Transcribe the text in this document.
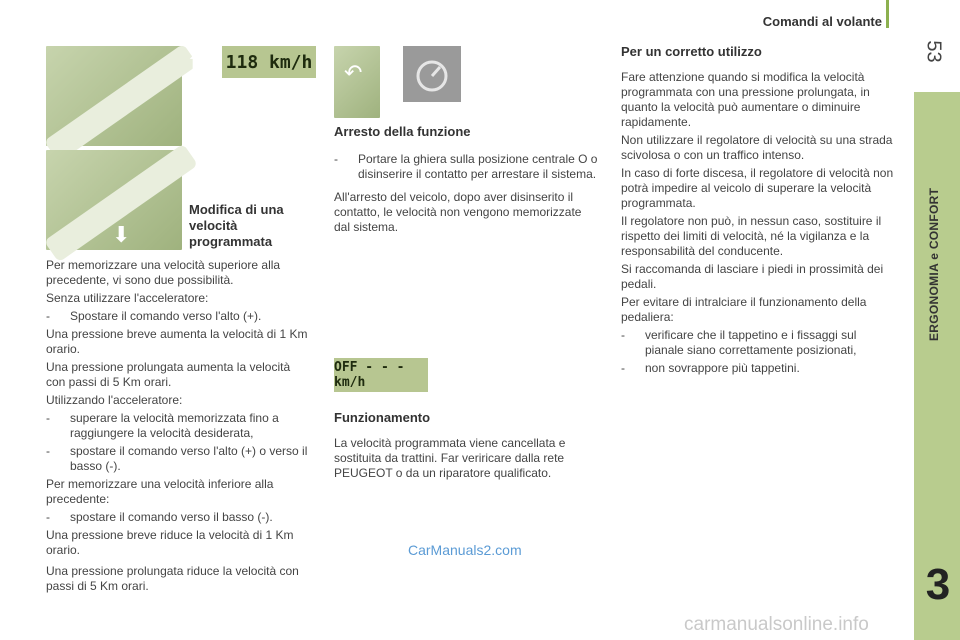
Comandi al volante
53
ERGONOMIA e CONFORT
3
⬆ 118 km/h
⬇
↶
OFF - - - km/h
Modifica di una velocità programmata

Per memorizzare una velocità superiore alla precedente, vi sono due possibilità.

Senza utilizzare l'acceleratore:

-	Spostare il comando verso l'alto (+).

Una pressione breve aumenta la velocità di 1 Km orario.

Una pressione prolungata aumenta la velocità con passi di 5 Km orari.

Utilizzando l'acceleratore:

-	superare la velocità memorizzata fino a raggiungere la velocità desiderata,
-	spostare il comando verso l'alto (+) o verso il basso (-).

Per memorizzare una velocità inferiore alla precedente:

-	spostare il comando verso il basso (-).

Una pressione breve riduce la velocità di 1 Km orario.

Una pressione prolungata riduce la velocità con passi di 5 Km orari.

Arresto della funzione
-	Portare la ghiera sulla posizione centrale O o disinserire il contatto per arrestare il sistema.

All'arresto del veicolo, dopo aver disinserito il contatto, le velocità non vengono memorizzate dal sistema.

Funzionamento

La velocità programmata viene cancellata e sostituita da trattini. Far veriricare dalla rete PEUGEOT o da un riparatore qualificato.

Per un corretto utilizzo

Fare attenzione quando si modifica la velocità programmata con una pressione prolungata, in quanto la velocità può aumentare o diminuire rapidamente.

Non utilizzare il regolatore di velocità su una strada scivolosa o con un traffico intenso.

In caso di forte discesa, il regolatore di velocità non potrà impedire al veicolo di superare la velocità programmata.

Il regolatore non può, in nessun caso, sostituire il rispetto dei limiti di velocità, né la vigilanza e la responsabilità del conducente.

Si raccomanda di lasciare i piedi in prossimità dei pedali.

Per evitare di intralciare il funzionamento della pedaliera:

-	verificare che il tappetino e i fissaggi sul pianale siano correttamente posizionati,
-	non sovrappore più tappetini.
CarManuals2.com
carmanualsonline.info
